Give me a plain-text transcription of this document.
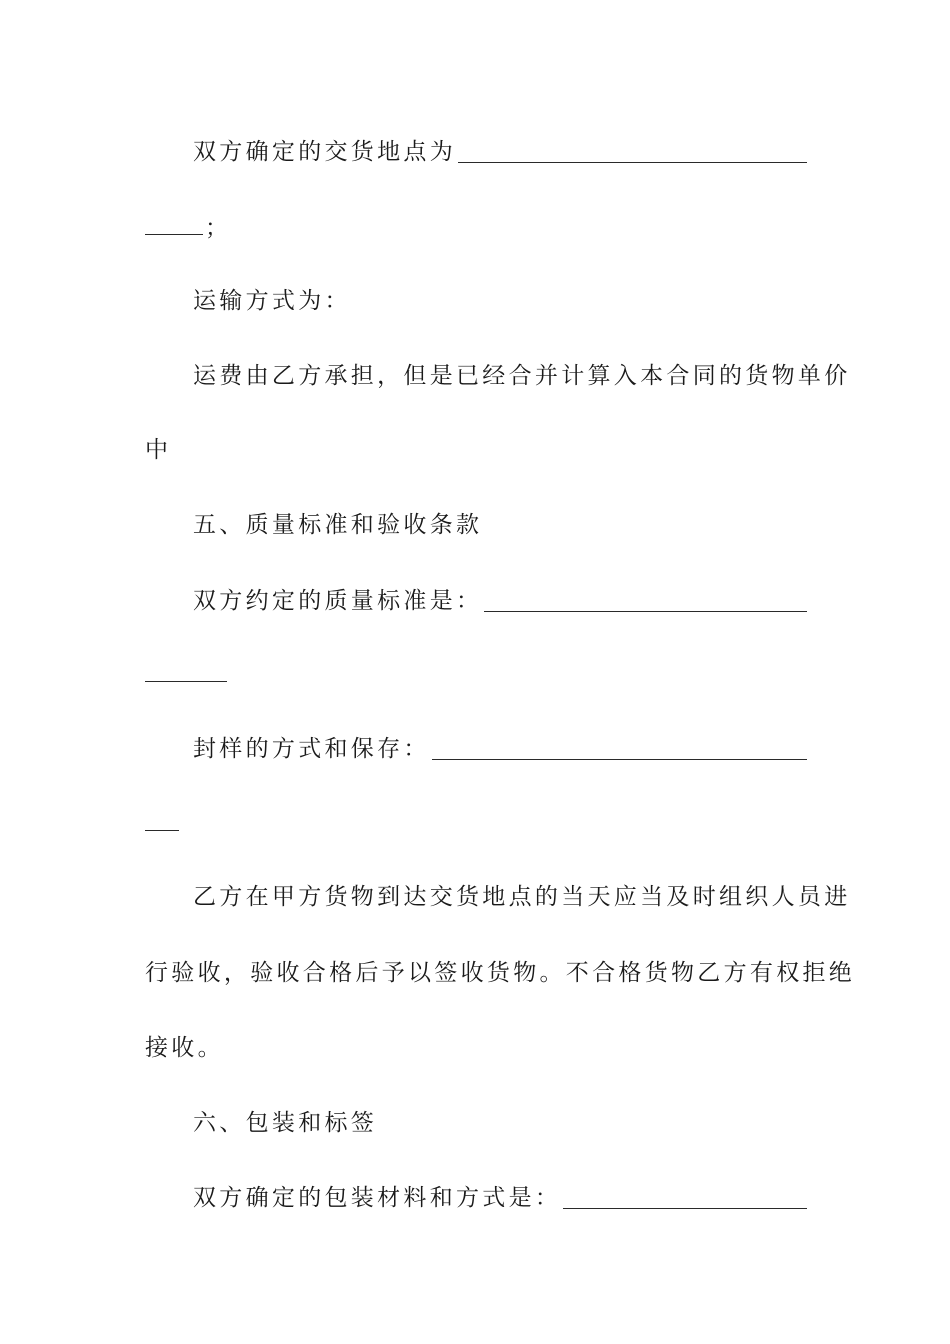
双方确定的交货地点为
；
运输方式为：
运费由乙方承担，但是已经合并计算入本合同的货物单价
中
五、质量标准和验收条款
双方约定的质量标准是：
封样的方式和保存：
乙方在甲方货物到达交货地点的当天应当及时组织人员进
行验收，验收合格后予以签收货物。不合格货物乙方有权拒绝
接收。
六、包装和标签
双方确定的包装材料和方式是：
